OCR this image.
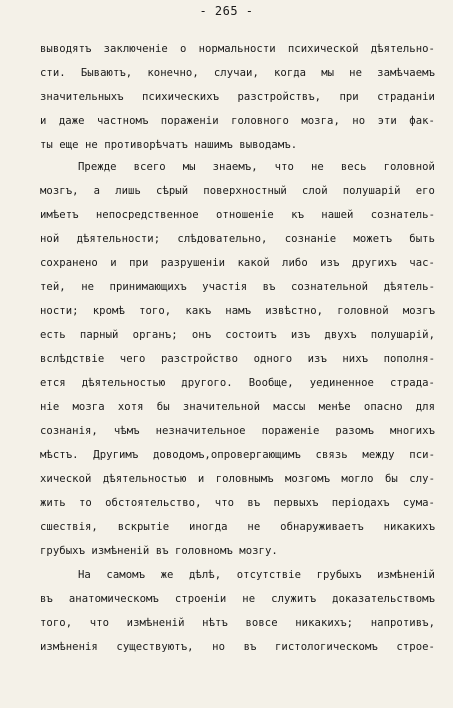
- 265 -
выводятъ заключенiе о нормальности психической дѣятельно-
сти. Бываютъ, конечно, случаи, когда мы не замѣчаемъ
значительныхъ психическихъ разстройствъ, при страданiи
и даже частномъ пораженiи головного мозга, но эти фак-
ты еще не противорѣчатъ нашимъ выводамъ.
Прежде всего мы знаемъ, что не весь головной
мозгъ, а лишь сѣрый поверхностный слой полушарiй его
имѣетъ непосредственное отношенiе къ нашей сознатель-
ной дѣятельности; слѣдовательно, сознанiе можетъ быть
сохранено и при разрушенiи какой либо изъ другихъ час-
тей, не принимающихъ участiя въ сознательной дѣятель-
ности; кромѣ того, какъ намъ извѣстно, головной мозгъ
есть парный органъ; онъ состоитъ изъ двухъ полушарiй,
вслѣдствiе чего разстройство одного изъ нихъ пополня-
ется дѣятельностью другого. Вообще, уединенное страда-
нiе мозга хотя бы значительной массы менѣе опасно для
сознанiя, чѣмъ незначительное пораженiе разомъ многихъ
мѣстъ. Другимъ доводомъ,опровергающимъ связь между пси-
хической дѣятельностью и головнымъ мозгомъ могло бы слу-
жить то обстоятельство, что въ первыхъ перiодахъ сума-
сшествiя, вскрытiе иногда не обнаруживаетъ никакихъ
грубыхъ измѣненiй въ головномъ мозгу.
На самомъ же дѣлѣ, отсутствiе грубыхъ измѣненiй
въ анатомическомъ строенiи не служитъ доказательствомъ
того, что измѣненiй нѣтъ вовсе никакихъ; напротивъ,
измѣненiя существуютъ, но въ гистологическомъ строе-
